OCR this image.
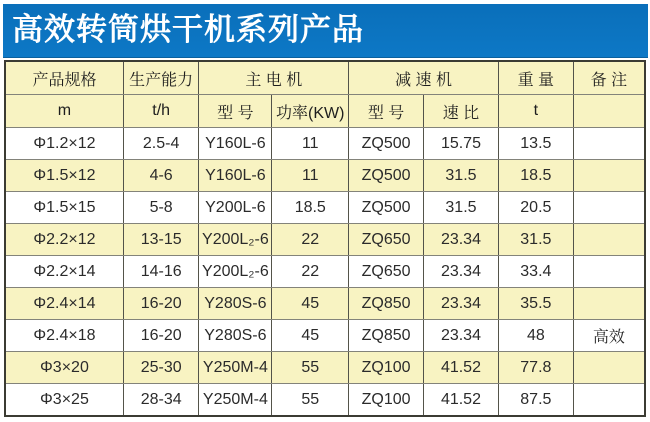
高效转筒烘干机系列产品
产品规格	生产能力	主 电 机		减 速 机		重 量	备 注
m	t/h	型 号	功率(KW)	型 号	速 比	t	
Φ1.2×12	2.5-4	Y160L-6	11	ZQ500	15.75	13.5	
Φ1.5×12	4-6	Y160L-6	11	ZQ500	31.5	18.5	
Φ1.5×15	5-8	Y200L-6	18.5	ZQ500	31.5	20.5	
Φ2.2×12	13-15	Y200L₂-6	22	ZQ650	23.34	31.5	
Φ2.2×14	14-16	Y200L₂-6	22	ZQ650	23.34	33.4	
Φ2.4×14	16-20	Y280S-6	45	ZQ850	23.34	35.5	
Φ2.4×18	16-20	Y280S-6	45	ZQ850	23.34	48	高效
Φ3×20	25-30	Y250M-4	55	ZQ100	41.52	77.8	
Φ3×25	28-34	Y250M-4	55	ZQ100	41.52	87.5	
